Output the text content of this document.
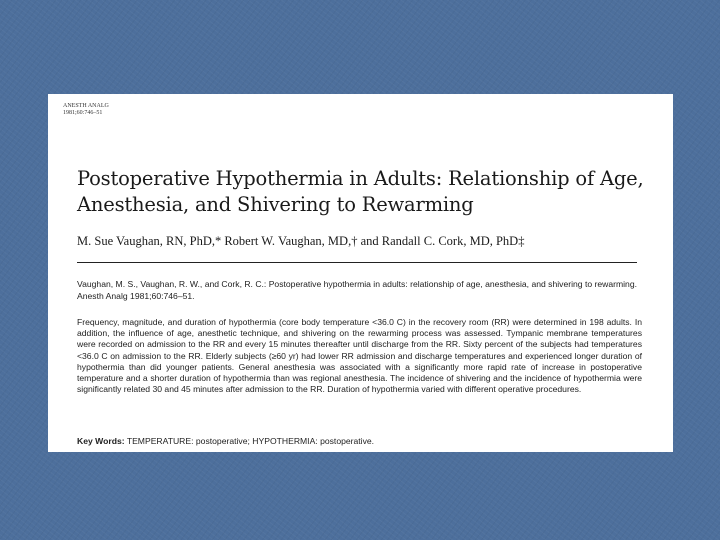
ANESTH ANALG
1981;60:746–51
Postoperative Hypothermia in Adults: Relationship of Age, Anesthesia, and Shivering to Rewarming
M. Sue Vaughan, RN, PhD,* Robert W. Vaughan, MD,† and Randall C. Cork, MD, PhD‡
Vaughan, M. S., Vaughan, R. W., and Cork, R. C.: Postoperative hypothermia in adults: relationship of age, anesthesia, and shivering to rewarming. Anesth Analg 1981;60:746–51.
Frequency, magnitude, and duration of hypothermia (core body temperature <36.0 C) in the recovery room (RR) were determined in 198 adults. In addition, the influence of age, anesthetic technique, and shivering on the rewarming process was assessed. Tympanic membrane temperatures were recorded on admission to the RR and every 15 minutes thereafter until discharge from the RR. Sixty percent of the subjects had temperatures <36.0 C on admission to the RR. Elderly subjects (≥60 yr) had lower RR admission and discharge temperatures and experienced longer duration of hypothermia than did younger patients. General anesthesia was associated with a significantly more rapid rate of increase in postoperative temperature and a shorter duration of hypothermia than was regional anesthesia. The incidence of shivering and the incidence of hypothermia were significantly related 30 and 45 minutes after admission to the RR. Duration of hypothermia varied with different operative procedures.
Key Words: TEMPERATURE: postoperative; HYPOTHERMIA: postoperative.
